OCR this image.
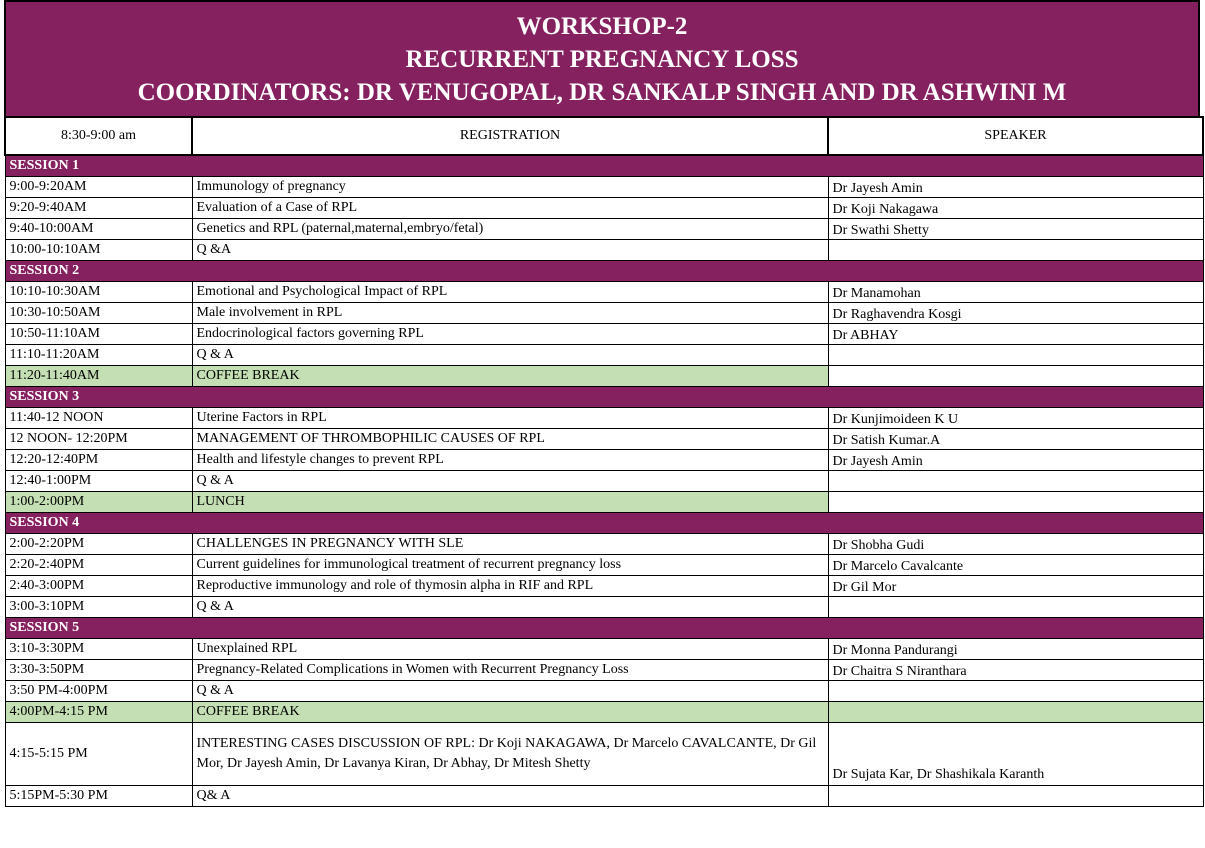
WORKSHOP-2
RECURRENT PREGNANCY LOSS
COORDINATORS: DR VENUGOPAL, DR SANKALP SINGH AND DR ASHWINI M
8:30-9:00 am	REGISTRATION	SPEAKER
SESSION 1		
9:00-9:20AM	Immunology of pregnancy	Dr Jayesh Amin
9:20-9:40AM	Evaluation of a Case of RPL	Dr Koji Nakagawa
9:40-10:00AM	Genetics and RPL (paternal,maternal,embryo/fetal)	Dr Swathi Shetty
10:00-10:10AM	Q &A	
SESSION 2		
10:10-10:30AM	Emotional and Psychological Impact of RPL	Dr Manamohan
10:30-10:50AM	Male involvement in RPL	Dr Raghavendra Kosgi
10:50-11:10AM	Endocrinological factors governing RPL	Dr ABHAY
11:10-11:20AM	Q & A	
11:20-11:40AM	COFFEE BREAK	
SESSION 3		
11:40-12 NOON	Uterine Factors in RPL	Dr Kunjimoideen K U
12 NOON- 12:20PM	MANAGEMENT OF THROMBOPHILIC CAUSES OF RPL	Dr Satish Kumar.A
12:20-12:40PM	Health and lifestyle changes to prevent RPL	Dr Jayesh Amin
12:40-1:00PM	Q & A	
1:00-2:00PM	LUNCH	
SESSION 4		
2:00-2:20PM	CHALLENGES IN PREGNANCY WITH SLE	Dr Shobha Gudi
2:20-2:40PM	Current guidelines for immunological treatment of recurrent pregnancy loss	Dr Marcelo Cavalcante
2:40-3:00PM	Reproductive immunology and role of thymosin alpha in RIF and RPL	Dr Gil Mor
3:00-3:10PM	Q & A	
SESSION 5		
3:10-3:30PM	Unexplained RPL	Dr Monna Pandurangi
3:30-3:50PM	Pregnancy-Related Complications in Women with Recurrent Pregnancy Loss	Dr Chaitra S Niranthara
3:50 PM-4:00PM	Q & A	
4:00PM-4:15 PM	COFFEE BREAK	
4:15-5:15 PM	INTERESTING CASES DISCUSSION OF RPL: Dr Koji NAKAGAWA, Dr Marcelo CAVALCANTE, Dr Gil Mor, Dr Jayesh Amin, Dr Lavanya Kiran, Dr Abhay, Dr Mitesh Shetty	Dr Sujata Kar, Dr Shashikala Karanth
5:15PM-5:30 PM	Q& A	
